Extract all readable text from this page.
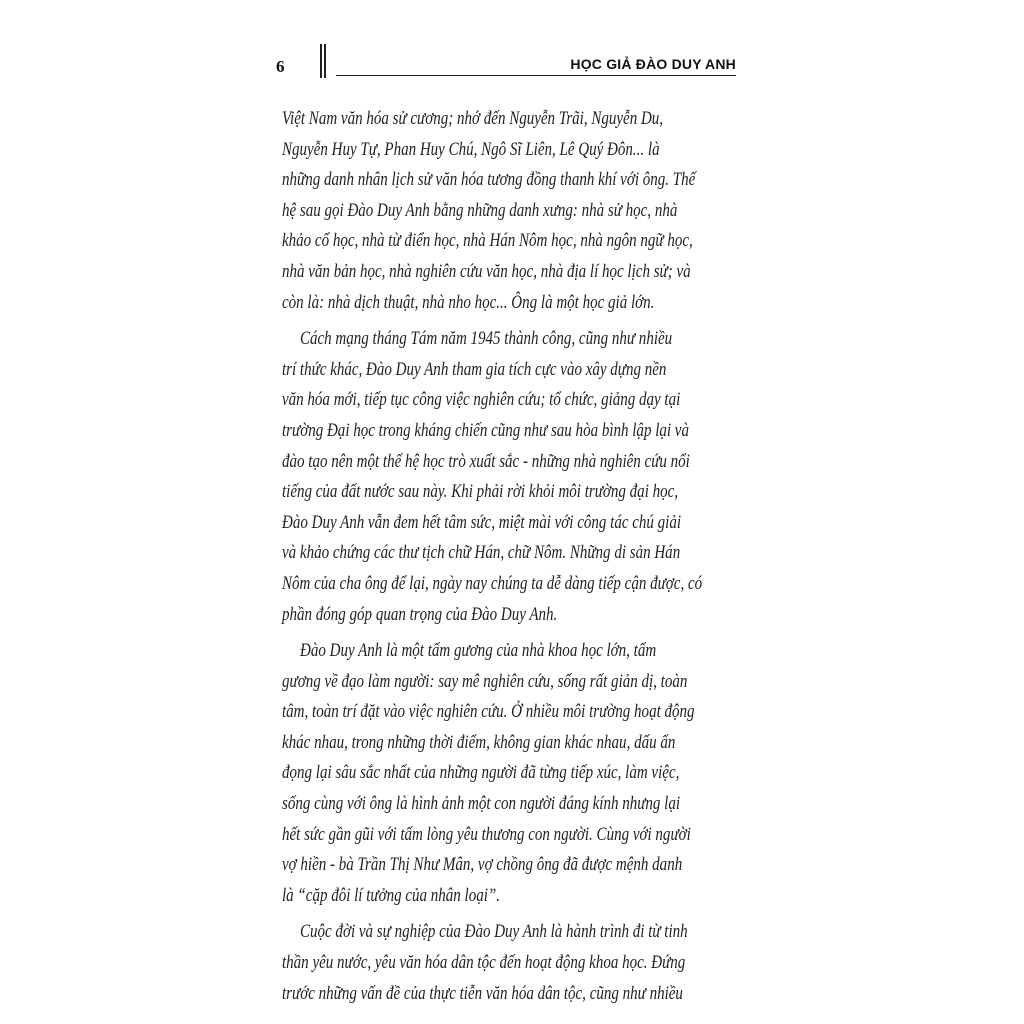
6	HỌC GIẢ ĐÀO DUY ANH
Việt Nam văn hóa sử cương; nhớ đến Nguyễn Trãi, Nguyễn Du,
Nguyễn Huy Tự, Phan Huy Chú, Ngô Sĩ Liên, Lê Quý Đôn... là
những danh nhân lịch sử văn hóa tương đồng thanh khí với ông. Thế
hệ sau gọi Đào Duy Anh bằng những danh xưng: nhà sử học, nhà
khảo cổ học, nhà từ điển học, nhà Hán Nôm học, nhà ngôn ngữ học,
nhà văn bản học, nhà nghiên cứu văn học, nhà địa lí học lịch sử; và
còn là: nhà dịch thuật, nhà nho học... Ông là một học giả lớn.
Cách mạng tháng Tám năm 1945 thành công, cũng như nhiều
trí thức khác, Đào Duy Anh tham gia tích cực vào xây dựng nền
văn hóa mới, tiếp tục công việc nghiên cứu; tổ chức, giảng dạy tại
trường Đại học trong kháng chiến cũng như sau hòa bình lập lại và
đào tạo nên một thế hệ học trò xuất sắc - những nhà nghiên cứu nổi
tiếng của đất nước sau này. Khi phải rời khỏi môi trường đại học,
Đào Duy Anh vẫn đem hết tâm sức, miệt mài với công tác chú giải
và khảo chứng các thư tịch chữ Hán, chữ Nôm. Những di sản Hán
Nôm của cha ông để lại, ngày nay chúng ta dễ dàng tiếp cận được, có
phần đóng góp quan trọng của Đào Duy Anh.
Đào Duy Anh là một tấm gương của nhà khoa học lớn, tấm
gương về đạo làm người: say mê nghiên cứu, sống rất giản dị, toàn
tâm, toàn trí đặt vào việc nghiên cứu. Ở nhiều môi trường hoạt động
khác nhau, trong những thời điểm, không gian khác nhau, dấu ấn
đọng lại sâu sắc nhất của những người đã từng tiếp xúc, làm việc,
sống cùng với ông là hình ảnh một con người đáng kính nhưng lại
hết sức gần gũi với tấm lòng yêu thương con người. Cùng với người
vợ hiền - bà Trần Thị Như Mân, vợ chồng ông đã được mệnh danh
là “cặp đôi lí tưởng của nhân loại”.
Cuộc đời và sự nghiệp của Đào Duy Anh là hành trình đi từ tinh
thần yêu nước, yêu văn hóa dân tộc đến hoạt động khoa học. Đứng
trước những vấn đề của thực tiễn văn hóa dân tộc, cũng như nhiều
